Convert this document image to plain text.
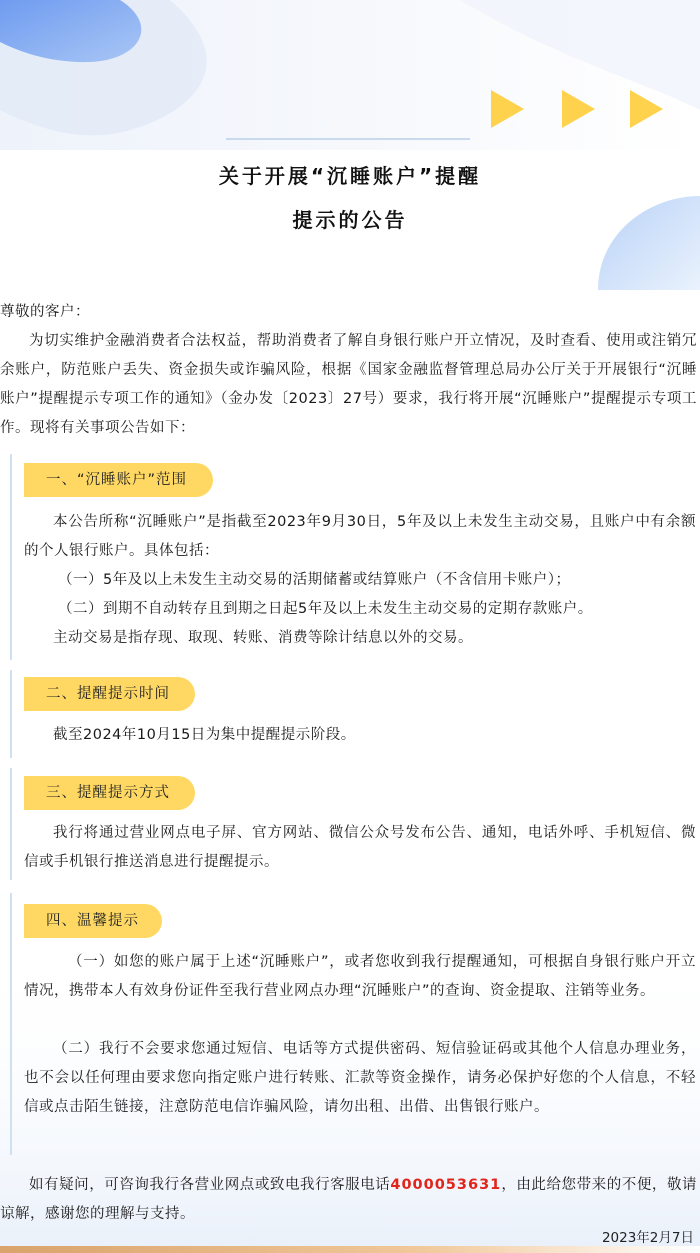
关于开展“沉睡账户”提醒
提示的公告

尊敬的客户：

为切实维护金融消费者合法权益，帮助消费者了解自身银行账户开立情况，及时查看、使用或注销冗余账户，防范账户丢失、资金损失或诈骗风险，根据《国家金融监督管理总局办公厅关于开展银行“沉睡账户”提醒提示专项工作的通知》（金办发〔2023〕27号）要求，我行将开展“沉睡账户”提醒提示专项工作。现将有关事项公告如下：

一、“沉睡账户”范围

本公告所称“沉睡账户”是指截至2023年9月30日，5年及以上未发生主动交易，且账户中有余额的个人银行账户。具体包括：

（一）5年及以上未发生主动交易的活期储蓄或结算账户（不含信用卡账户）；

（二）到期不自动转存且到期之日起5年及以上未发生主动交易的定期存款账户。

主动交易是指存现、取现、转账、消费等除计结息以外的交易。

二、提醒提示时间

截至2024年10月15日为集中提醒提示阶段。

三、提醒提示方式

我行将通过营业网点电子屏、官方网站、微信公众号发布公告、通知，电话外呼、手机短信、微信或手机银行推送消息进行提醒提示。

四、温馨提示

（一）如您的账户属于上述“沉睡账户”，或者您收到我行提醒通知，可根据自身银行账户开立情况，携带本人有效身份证件至我行营业网点办理“沉睡账户”的查询、资金提取、注销等业务。

（二）我行不会要求您通过短信、电话等方式提供密码、短信验证码或其他个人信息办理业务，也不会以任何理由要求您向指定账户进行转账、汇款等资金操作，请务必保护好您的个人信息，不轻信或点击陌生链接，注意防范电信诈骗风险，请勿出租、出借、出售银行账户。

如有疑问，可咨询我行各营业网点或致电我行客服电话4000053631，由此给您带来的不便，敬请谅解，感谢您的理解与支持。

2023年2月7日
